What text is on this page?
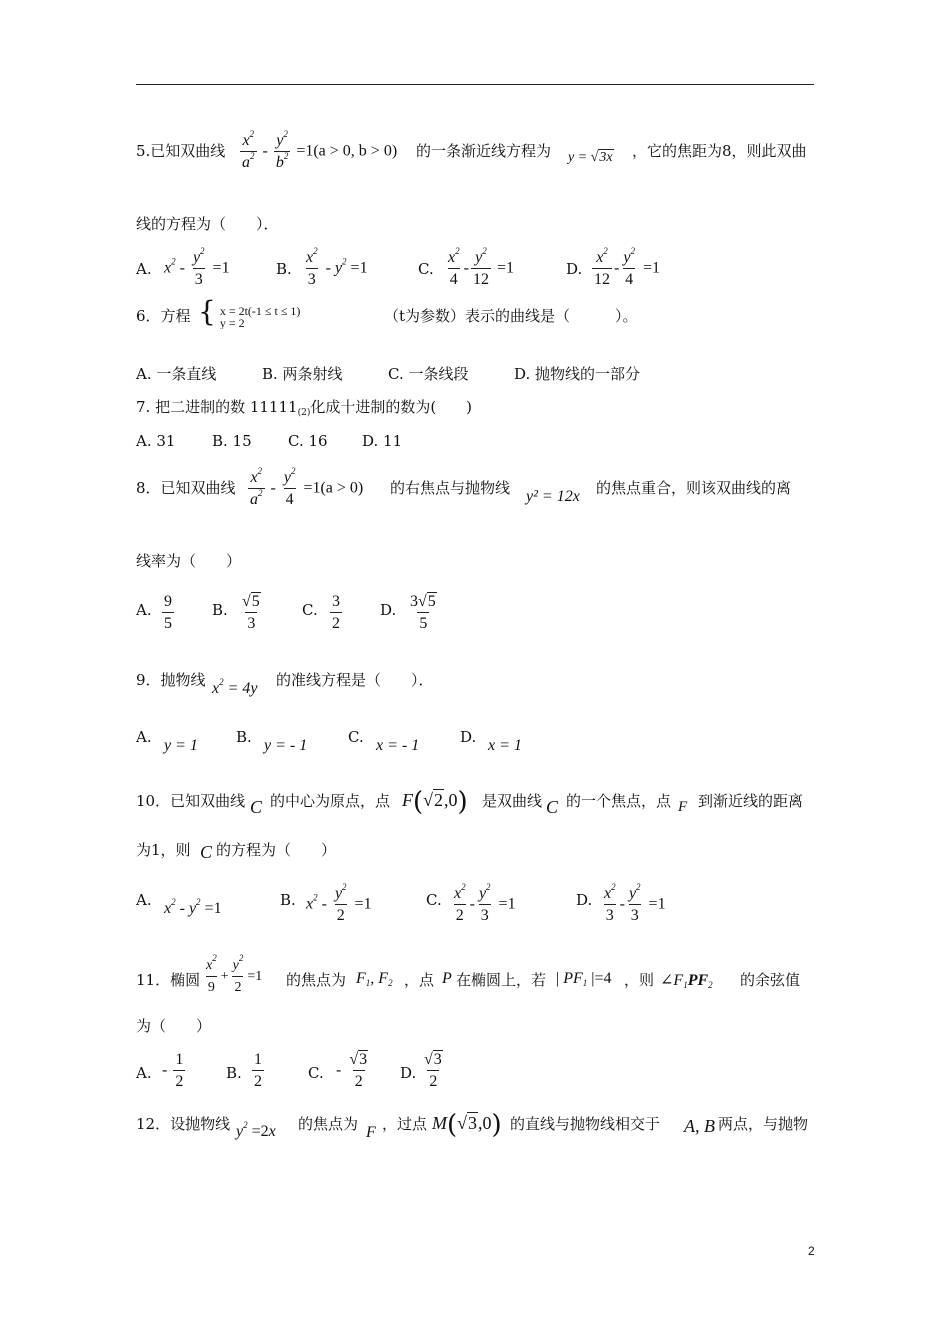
5.已知双曲线 $\frac{x^2}{a^2} - \frac{y^2}{b^2} =1(a > 0$, b > 0) 的一条渐近线方程为 y = √3x ，它的焦距为8，则此双曲
线的方程为（　　）．
A. $x^2 - \frac{y^2}{3} =1$	B. $\frac{x^2}{3} - y^2 =1$	C. $\frac{x^2}{4} - \frac{y^2}{12} =1$	D. $\frac{x^2}{12} - \frac{y^2}{4} =1$
6．方程 { x = 2t(-1 ≤ t ≤ 1)
y = 2	（t为参数）表示的曲线是（　　　）。
A. 一条直线	B. 两条射线	C. 一条线段	D. 抛物线的一部分
7. 把二进制的数 $11111_{(2)}$化成十进制的数为(　　)
A. 31 B. 15 C. 16 D. 11
8．已知双曲线 $\frac{x^2}{a^2} - \frac{y^2}{4} =1(a > 0)$ 的右焦点与抛物线 y² = 12x 的焦点重合，则该双曲线的离
线率为（　　）
A. $\frac{9}{5}$	B. $\frac{√5}{3}$	C. $\frac{3}{2}$	D. $\frac{3√5}{5}$
9．抛物线 $x^2 = 4y$ 的准线方程是（　　）．
A. y = 1	B. y = - 1	C. x = - 1	D. x = 1
10．已知双曲线 C 的中心为原点，点 F(√2,0) 是双曲线 C 的一个焦点，点 F 到渐近线的距离
为1，则 C 的方程为（　　）
A. $x^2 - y^2 =1$	B. $x^2 - \frac{y^2}{2} =1$	C. $\frac{x^2}{2} - \frac{y^2}{3} =1$	D. $\frac{x^2}{3} - \frac{y^2}{3} =1$
11．椭圆 $\frac{x^2}{9} + \frac{y^2}{2} =1$ 的焦点为 $F_1$, $F_2$ ，点 P 在椭圆上，若 | $PF_1$ |=4 ，则 $\angle F_1PF_2$ 的余弦值
为（　　）
A. - $\frac{1}{2}$	B. $\frac{1}{2}$	C. - $\frac{√3}{2} D$. $\frac{√3}{2}$
12．设抛物线 $y^2 =2x$ 的焦点为 F ，过点 M(√3,0) 的直线与抛物线相交于 A, B 两点，与抛物
2
